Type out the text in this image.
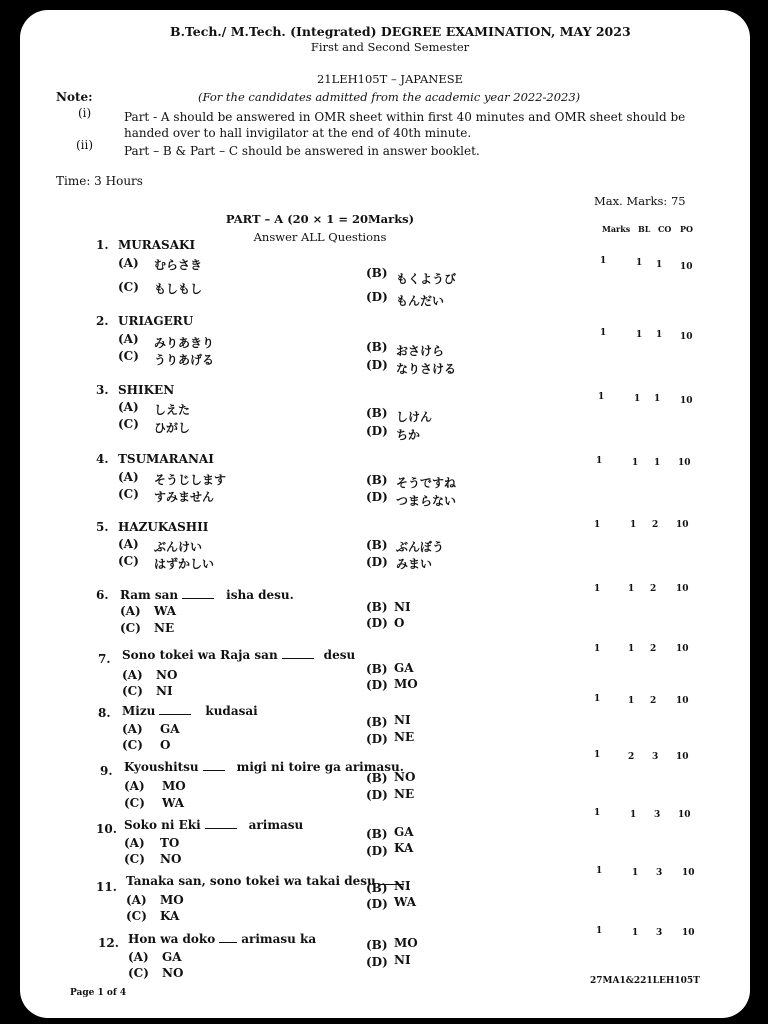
B.Tech./ M.Tech. (Integrated) DEGREE EXAMINATION, MAY 2023
First and Second Semester
21LEH105T – JAPANESE
(For the candidates admitted from the academic year 2022-2023)
Note:
(i)	Part - A should be answered in OMR sheet within first 40 minutes and OMR sheet should be
handed over to hall invigilator at the end of 40th minute.
(ii)	Part – B & Part – C should be answered in answer booklet.
Time: 3 Hours
Max. Marks: 75
PART – A (20 × 1 = 20Marks)
Answer ALL Questions
Marks BL CO PO
1. MURASAKI
(A) むらさき
(C) もしもし
(B) もくようび
(D) もんだい
1	1 1 10
2. URIAGERU
(A) みりあきり
(C) うりあげる
(B) おさけら
(D) なりさける
1	1 1 10
3. SHIKEN
(A) しえた
(C) ひがし
(B) しけん
(D) ちか
1	1 1 10
4. TSUMARANAI
(A) そうじします
(C) すみません
(B) そうですね
(D) つまらない
1	1 1 10
5. HAZUKASHII
(A) ぶんけい
(C) はずかしい
(B) ぶんぼう
(D) みまい
1	1 2 10
6. Ram san	isha desu.
(A) WA
(C) NE
(B) NI
(D) O
1	1 2 10
7. Sono tokei wa Raja san	desu
(A) NO
(C) NI
(B) GA
(D) MO
1	1 2 10
8. Mizu	kudasai
(A) GA
(C) O
(B) NI
(D) NE
1	1 2 10
9. Kyoushitsu	migi ni toire ga arimasu.
(A) MO
(C) WA
(B) NO
(D) NE
1	2 3 10
10. Soko ni Eki	arimasu
(A) TO
(C) NO
(B) GA
(D) KA
1	1 3 10
11. Tanaka san, sono tokei wa takai desu
(A) MO
(C) KA
(B) NI
(D) WA
1	1 3 10
12. Hon wa doko arimasu ka
(A) GA
(C) NO
(B) MO
(D) NI
1	1 3 10
Page 1 of 4
27MA1&221LEH105T
